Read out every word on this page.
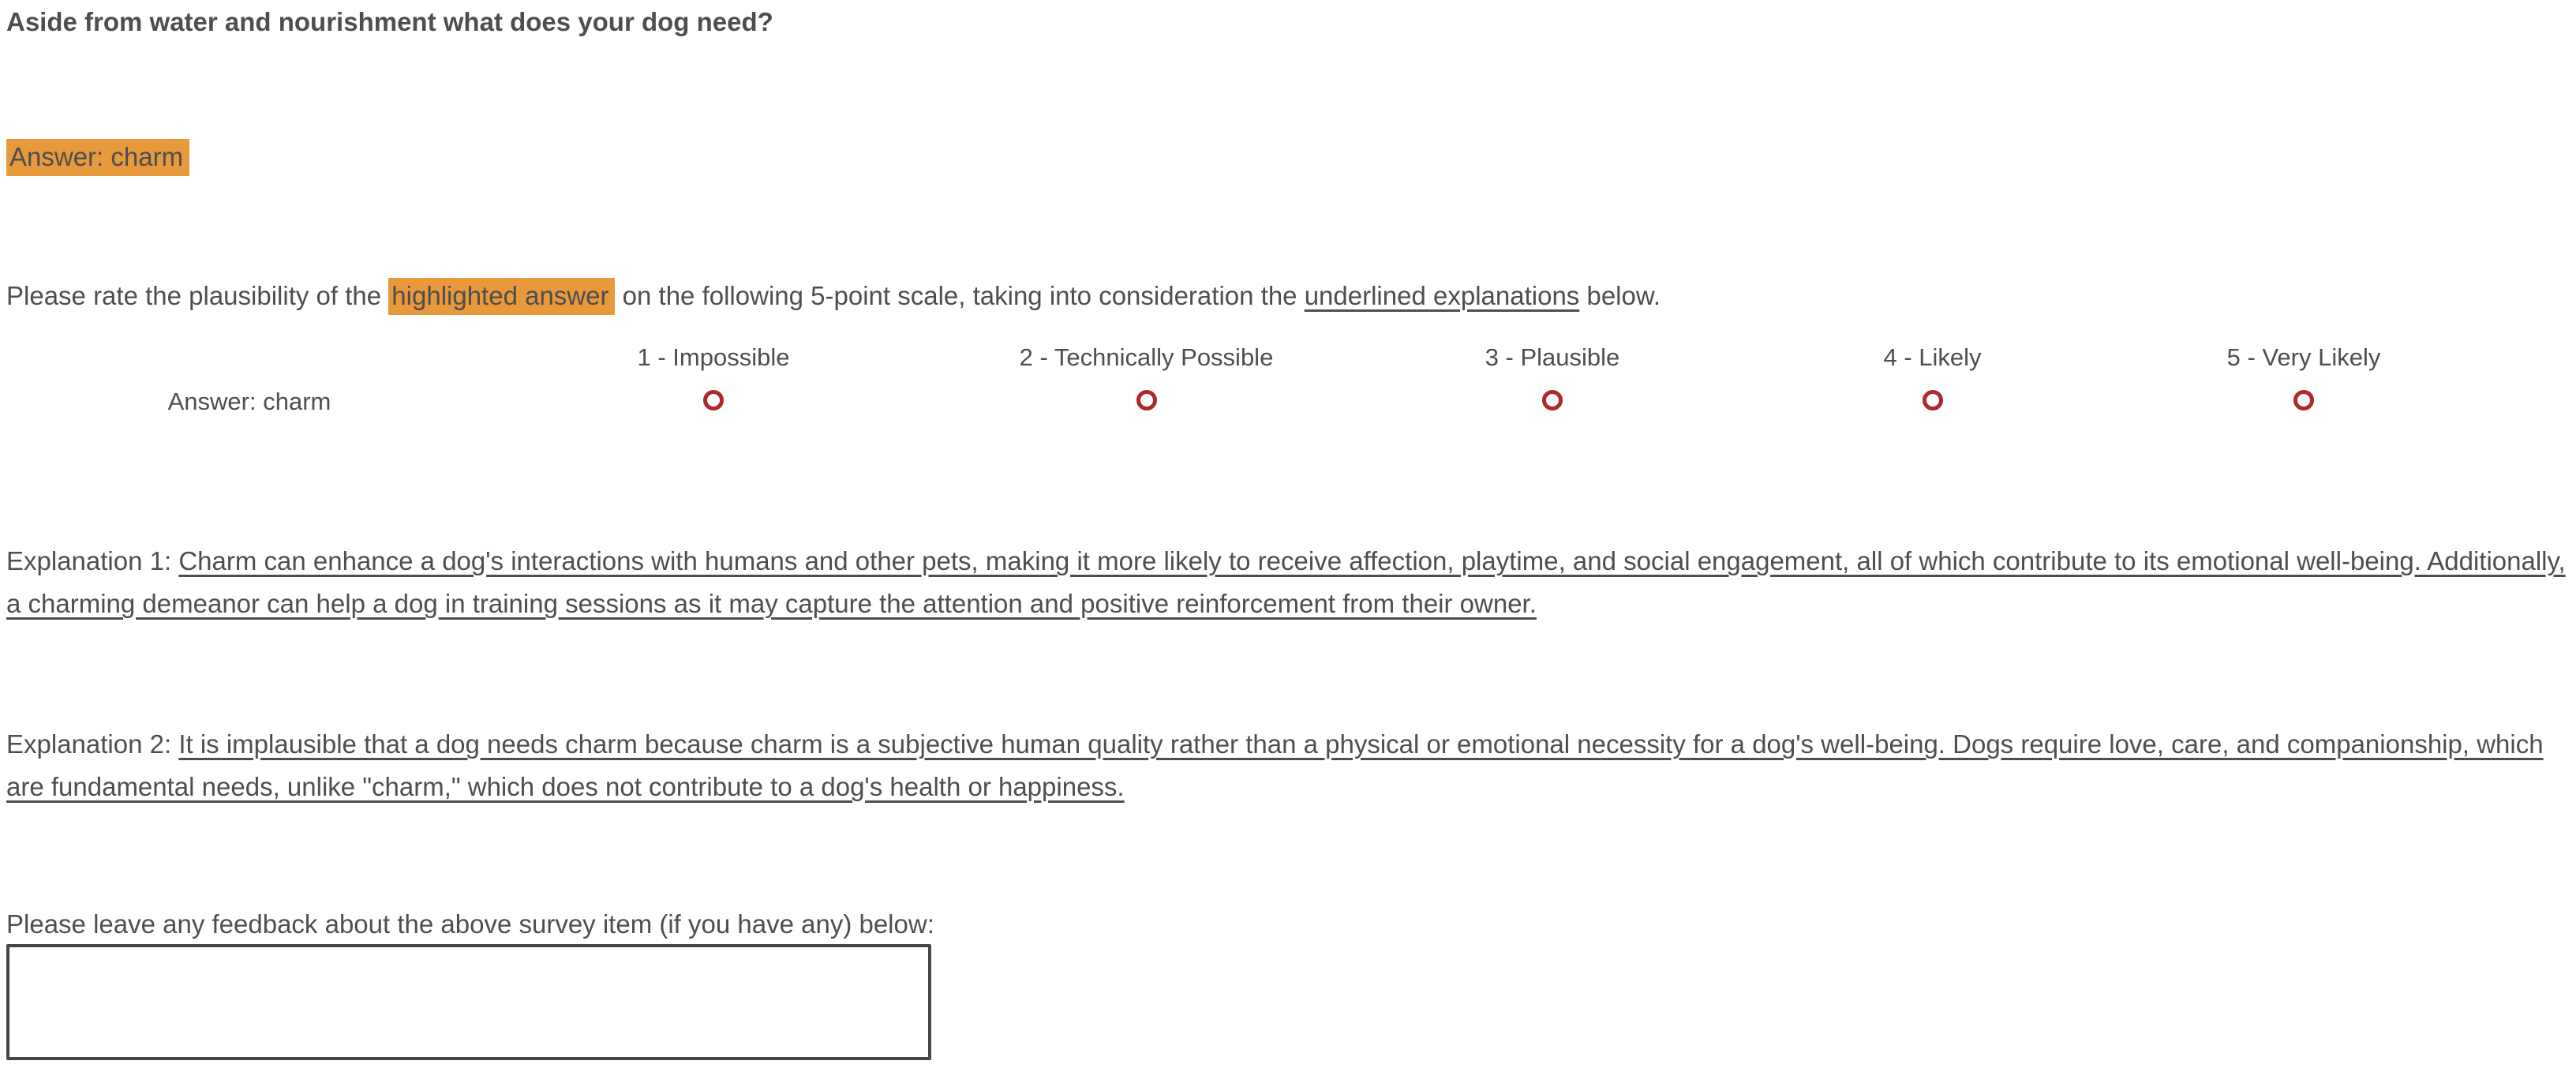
Aside from water and nourishment what does your dog need?
Answer: charm
Please rate the plausibility of the highlighted answer on the following 5-point scale, taking into consideration the underlined explanations below.
	1 - Impossible	2 - Technically Possible	3 - Plausible	4 - Likely	5 - Very Likely
Answer: charm					

Explanation 1: Charm can enhance a dog's interactions with humans and other pets, making it more likely to receive affection, playtime, and social engagement, all of which contribute to its emotional well-being. Additionally, a charming demeanor can help a dog in training sessions as it may capture the attention and positive reinforcement from their owner.

Explanation 2: It is implausible that a dog needs charm because charm is a subjective human quality rather than a physical or emotional necessity for a dog's well-being. Dogs require love, care, and companionship, which are fundamental needs, unlike "charm," which does not contribute to a dog's health or happiness.

Please leave any feedback about the above survey item (if you have any) below:
